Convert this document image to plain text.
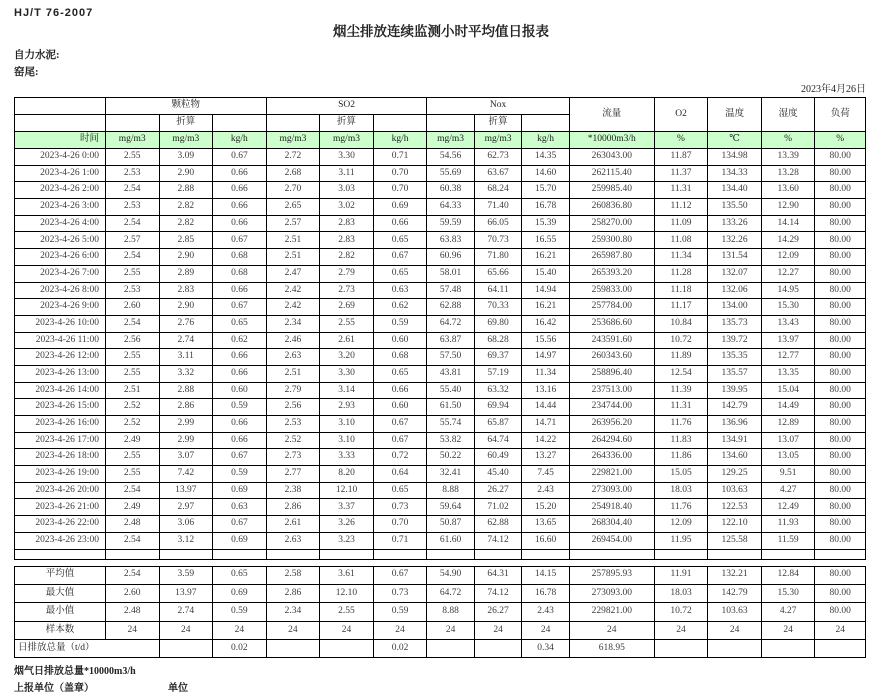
HJ/T 76-2007
烟尘排放连续监测小时平均值日报表
自力水泥:
窑尾:
2023年4月26日
	颗粒物			SO2			Nox			流量	O2	温度	湿度	负荷
		折算			折算			折算						
时间	mg/m3	mg/m3	kg/h	mg/m3	mg/m3	kg/h	mg/m3	mg/m3	kg/h	*10000m3/h	%	℃	%	%
2023-4-26 0:00	2.55	3.09	0.67	2.72	3.30	0.71	54.56	62.73	14.35	263043.00	11.87	134.98	13.39	80.00
2023-4-26 1:00	2.53	2.90	0.66	2.68	3.11	0.70	55.69	63.67	14.60	262115.40	11.37	134.33	13.28	80.00
2023-4-26 2:00	2.54	2.88	0.66	2.70	3.03	0.70	60.38	68.24	15.70	259985.40	11.31	134.40	13.60	80.00
2023-4-26 3:00	2.53	2.82	0.66	2.65	3.02	0.69	64.33	71.40	16.78	260836.80	11.12	135.50	12.90	80.00
2023-4-26 4:00	2.54	2.82	0.66	2.57	2.83	0.66	59.59	66.05	15.39	258270.00	11.09	133.26	14.14	80.00
2023-4-26 5:00	2.57	2.85	0.67	2.51	2.83	0.65	63.83	70.73	16.55	259300.80	11.08	132.26	14.29	80.00
2023-4-26 6:00	2.54	2.90	0.68	2.51	2.82	0.67	60.96	71.80	16.21	265987.80	11.34	131.54	12.09	80.00
2023-4-26 7:00	2.55	2.89	0.68	2.47	2.79	0.65	58.01	65.66	15.40	265393.20	11.28	132.07	12.27	80.00
2023-4-26 8:00	2.53	2.83	0.66	2.42	2.73	0.63	57.48	64.11	14.94	259833.00	11.18	132.06	14.95	80.00
2023-4-26 9:00	2.60	2.90	0.67	2.42	2.69	0.62	62.88	70.33	16.21	257784.00	11.17	134.00	15.30	80.00
2023-4-26 10:00	2.54	2.76	0.65	2.34	2.55	0.59	64.72	69.80	16.42	253686.60	10.84	135.73	13.43	80.00
2023-4-26 11:00	2.56	2.74	0.62	2.46	2.61	0.60	63.87	68.28	15.56	243591.60	10.72	139.72	13.97	80.00
2023-4-26 12:00	2.55	3.11	0.66	2.63	3.20	0.68	57.50	69.37	14.97	260343.60	11.89	135.35	12.77	80.00
2023-4-26 13:00	2.55	3.32	0.66	2.51	3.30	0.65	43.81	57.19	11.34	258896.40	12.54	135.57	13.35	80.00
2023-4-26 14:00	2.51	2.88	0.60	2.79	3.14	0.66	55.40	63.32	13.16	237513.00	11.39	139.95	15.04	80.00
2023-4-26 15:00	2.52	2.86	0.59	2.56	2.93	0.60	61.50	69.94	14.44	234744.00	11.31	142.79	14.49	80.00
2023-4-26 16:00	2.52	2.99	0.66	2.53	3.10	0.67	55.74	65.87	14.71	263956.20	11.76	136.96	12.89	80.00
2023-4-26 17:00	2.49	2.99	0.66	2.52	3.10	0.67	53.82	64.74	14.22	264294.60	11.83	134.91	13.07	80.00
2023-4-26 18:00	2.55	3.07	0.67	2.73	3.33	0.72	50.22	60.49	13.27	264336.00	11.86	134.60	13.05	80.00
2023-4-26 19:00	2.55	7.42	0.59	2.77	8.20	0.64	32.41	45.40	7.45	229821.00	15.05	129.25	9.51	80.00
2023-4-26 20:00	2.54	13.97	0.69	2.38	12.10	0.65	8.88	26.27	2.43	273093.00	18.03	103.63	4.27	80.00
2023-4-26 21:00	2.49	2.97	0.63	2.86	3.37	0.73	59.64	71.02	15.20	254918.40	11.76	122.53	12.49	80.00
2023-4-26 22:00	2.48	3.06	0.67	2.61	3.26	0.70	50.87	62.88	13.65	268304.40	12.09	122.10	11.93	80.00
2023-4-26 23:00	2.54	3.12	0.69	2.63	3.23	0.71	61.60	74.12	16.60	269454.00	11.95	125.58	11.59	80.00

平均值	2.54	3.59	0.65	2.58	3.61	0.67	54.90	64.31	14.15	257895.93	11.91	132.21	12.84	80.00
最大值	2.60	13.97	0.69	2.86	12.10	0.73	64.72	74.12	16.78	273093.00	18.03	142.79	15.30	80.00
最小值	2.48	2.74	0.59	2.34	2.55	0.59	8.88	26.27	2.43	229821.00	10.72	103.63	4.27	80.00
样本数	24	24	24	24	24	24	24	24	24	24	24	24	24	24
日排放总量（t/d）			0.02			0.02			0.34	618.95				
烟气日排放总量*10000m3/h
上报单位（盖章）	单位
